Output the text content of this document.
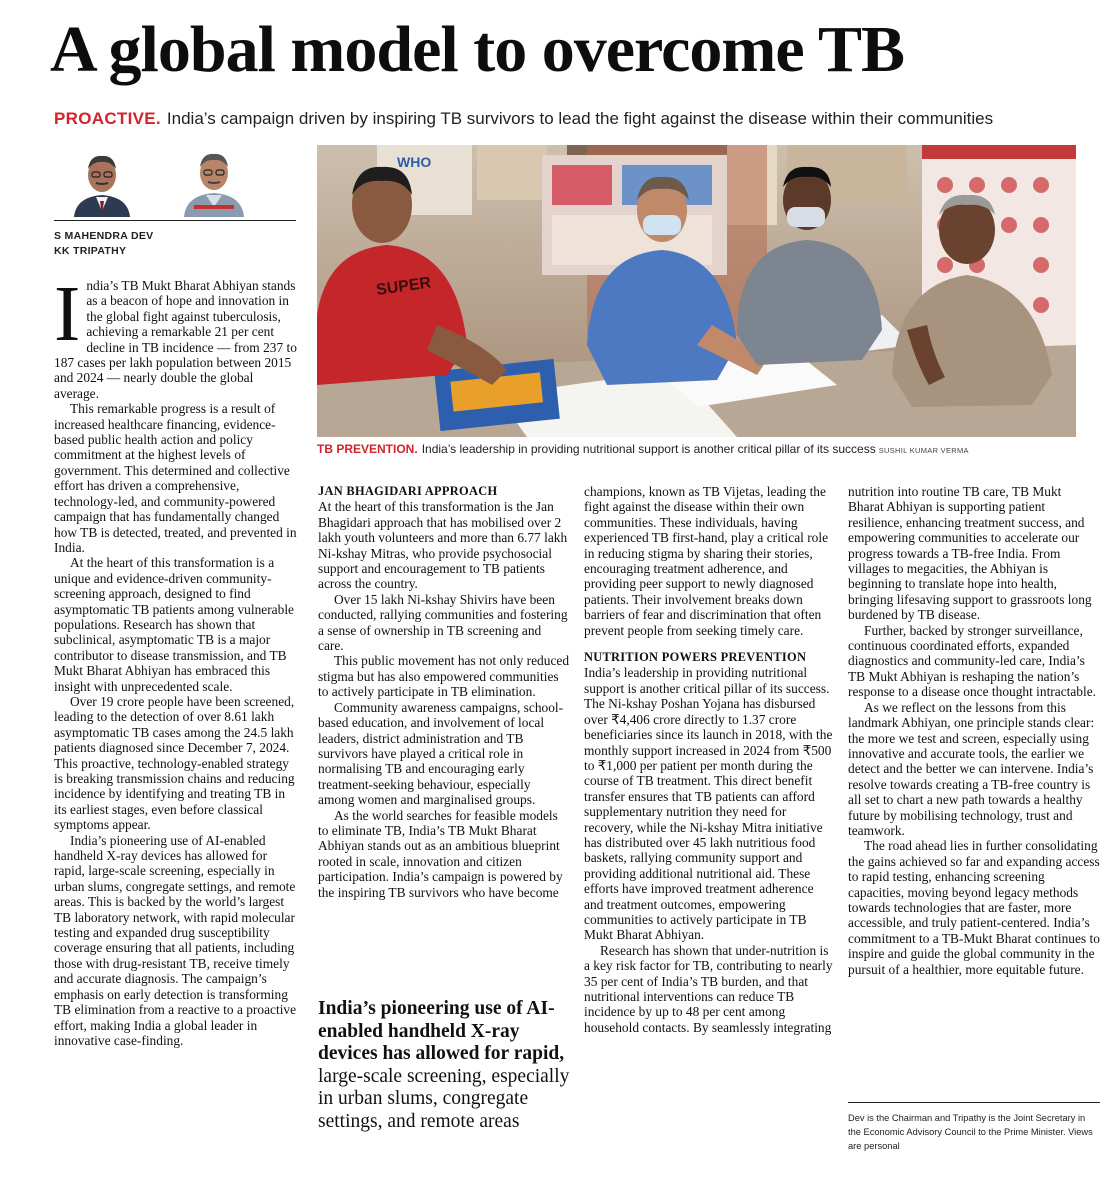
A global model to overcome TB
PROACTIVE. India’s campaign driven by inspiring TB survivors to lead the fight against the disease within their communities
S MAHENDRA DEV
KK TRIPATHY
WHO
SUPER
TB PREVENTION. India’s leadership in providing nutritional support is another critical pillar of its success SUSHIL KUMAR VERMA

India’s TB Mukt Bharat Abhiyan stands as a beacon of hope and innovation in the global fight against tuberculosis, achieving a remarkable 21 per cent decline in TB incidence — from 237 to 187 cases per lakh population between 2015 and 2024 — nearly double the global average.

This remarkable progress is a result of increased healthcare financing, evidence-based public health action and policy commitment at the highest levels of government. This determined and collective effort has driven a comprehensive, technology-led, and community-powered campaign that has fundamentally changed how TB is detected, treated, and prevented in India.

At the heart of this transformation is a unique and evidence-driven community-screening approach, designed to find asymptomatic TB patients among vulnerable populations. Research has shown that subclinical, asymptomatic TB is a major contributor to disease transmission, and TB Mukt Bharat Abhiyan has embraced this insight with unprecedented scale.

Over 19 crore people have been screened, leading to the detection of over 8.61 lakh asymptomatic TB cases among the 24.5 lakh patients diagnosed since December 7, 2024. This proactive, technology-enabled strategy is breaking transmission chains and reducing incidence by identifying and treating TB in its earliest stages, even before classical symptoms appear.

India’s pioneering use of AI-enabled handheld X-ray devices has allowed for rapid, large-scale screening, especially in urban slums, congregate settings, and remote areas. This is backed by the world’s largest TB laboratory network, with rapid molecular testing and expanded drug susceptibility coverage ensuring that all patients, including those with drug-resistant TB, receive timely and accurate diagnosis. The campaign’s emphasis on early detection is transforming TB elimination from a reactive to a proactive effort, making India a global leader in innovative case-finding.

JAN BHAGIDARI APPROACH

At the heart of this transformation is the Jan Bhagidari approach that has mobilised over 2 lakh youth volunteers and more than 6.77 lakh Ni-kshay Mitras, who provide psychosocial support and encouragement to TB patients across the country.

Over 15 lakh Ni-kshay Shivirs have been conducted, rallying communities and fostering a sense of ownership in TB screening and care.

This public movement has not only reduced stigma but has also empowered communities to actively participate in TB elimination.

Community awareness campaigns, school-based education, and involvement of local leaders, district administration and TB survivors have played a critical role in normalising TB and encouraging early treatment-seeking behaviour, especially among women and marginalised groups.

As the world searches for feasible models to eliminate TB, India’s TB Mukt Bharat Abhiyan stands out as an ambitious blueprint rooted in scale, innovation and citizen participation. India’s campaign is powered by the inspiring TB survivors who have become

India’s pioneering use of AI-enabled handheld X-ray devices has allowed for rapid, large-scale screening, especially in urban slums, congregate settings, and remote areas

champions, known as TB Vijetas, leading the fight against the disease within their own communities. These individuals, having experienced TB first-hand, play a critical role in reducing stigma by sharing their stories, encouraging treatment adherence, and providing peer support to newly diagnosed patients. Their involvement breaks down barriers of fear and discrimination that often prevent people from seeking timely care.

NUTRITION POWERS PREVENTION

India’s leadership in providing nutritional support is another critical pillar of its success. The Ni-kshay Poshan Yojana has disbursed over ₹4,406 crore directly to 1.37 crore beneficiaries since its launch in 2018, with the monthly support increased in 2024 from ₹500 to ₹1,000 per patient per month during the course of TB treatment. This direct benefit transfer ensures that TB patients can afford supplementary nutrition they need for recovery, while the Ni-kshay Mitra initiative has distributed over 45 lakh nutritious food baskets, rallying community support and providing additional nutritional aid. These efforts have improved treatment adherence and treatment outcomes, empowering communities to actively participate in TB Mukt Bharat Abhiyan.

Research has shown that under-nutrition is a key risk factor for TB, contributing to nearly 35 per cent of India’s TB burden, and that nutritional interventions can reduce TB incidence by up to 48 per cent among household contacts. By seamlessly integrating

nutrition into routine TB care, TB Mukt Bharat Abhiyan is supporting patient resilience, enhancing treatment success, and empowering communities to accelerate our progress towards a TB-free India. From villages to megacities, the Abhiyan is beginning to translate hope into health, bringing lifesaving support to grassroots long burdened by TB disease.

Further, backed by stronger surveillance, continuous coordinated efforts, expanded diagnostics and community-led care, India’s TB Mukt Abhiyan is reshaping the nation’s response to a disease once thought intractable.

As we reflect on the lessons from this landmark Abhiyan, one principle stands clear: the more we test and screen, especially using innovative and accurate tools, the earlier we detect and the better we can intervene. India’s resolve towards creating a TB-free country is all set to chart a new path towards a healthy future by mobilising technology, trust and teamwork.

The road ahead lies in further consolidating the gains achieved so far and expanding access to rapid testing, enhancing screening capacities, moving beyond legacy methods towards technologies that are faster, more accessible, and truly patient-centered. India’s commitment to a TB-Mukt Bharat continues to inspire and guide the global community in the pursuit of a healthier, more equitable future.

Dev is the Chairman and Tripathy is the Joint Secretary in the Economic Advisory Council to the Prime Minister. Views are personal
